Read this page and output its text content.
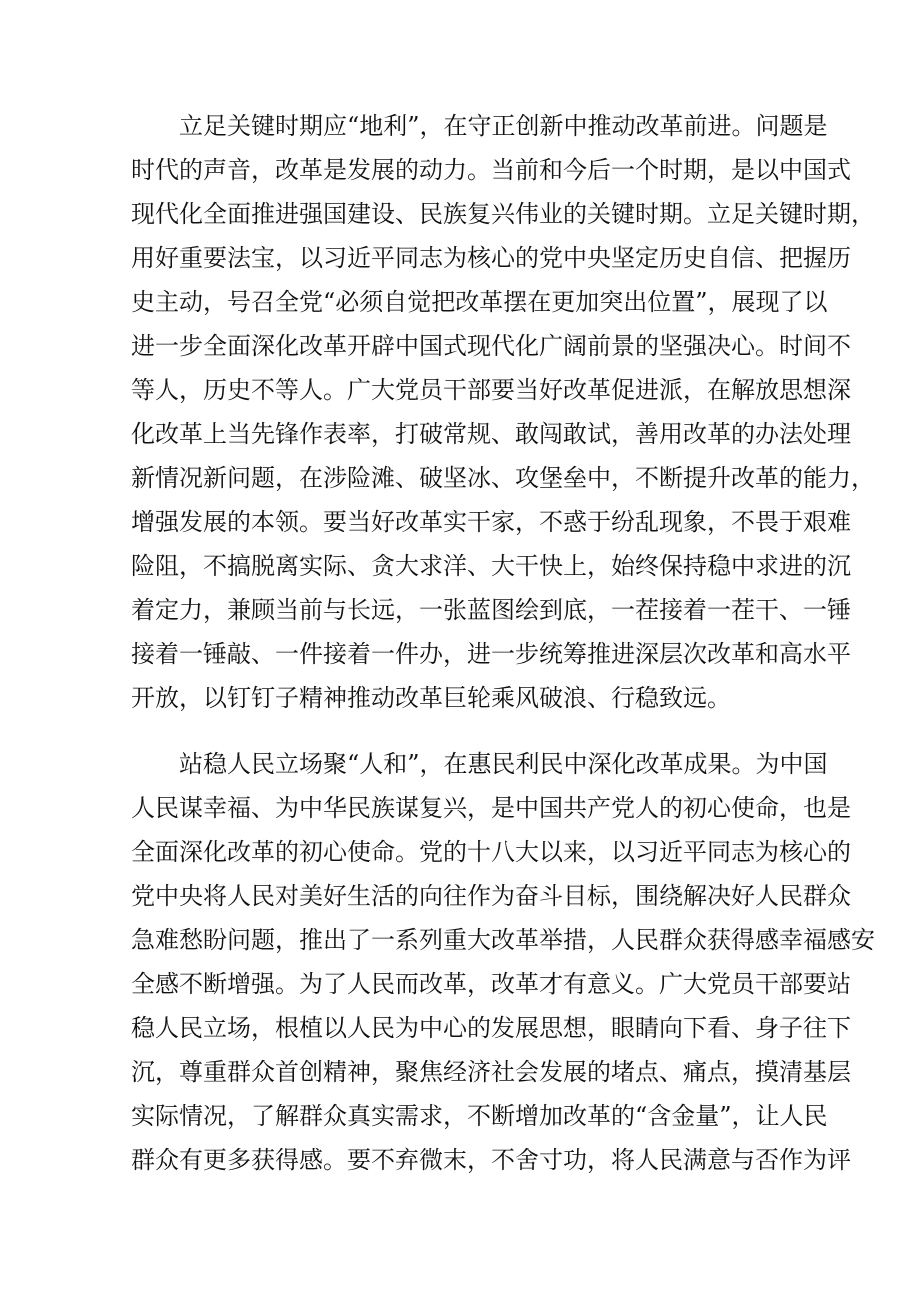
立足关键时期应“地利”，在守正创新中推动改革前进。问题是
时代的声音，改革是发展的动力。当前和今后一个时期，是以中国式
现代化全面推进强国建设、民族复兴伟业的关键时期。立足关键时期，
用好重要法宝，以习近平同志为核心的党中央坚定历史自信、把握历
史主动，号召全党“必须自觉把改革摆在更加突出位置”，展现了以
进一步全面深化改革开辟中国式现代化广阔前景的坚强决心。时间不
等人，历史不等人。广大党员干部要当好改革促进派，在解放思想深
化改革上当先锋作表率，打破常规、敢闯敢试，善用改革的办法处理
新情况新问题，在涉险滩、破坚冰、攻堡垒中，不断提升改革的能力，
增强发展的本领。要当好改革实干家，不惑于纷乱现象，不畏于艰难
险阻，不搞脱离实际、贪大求洋、大干快上，始终保持稳中求进的沉
着定力，兼顾当前与长远，一张蓝图绘到底，一茬接着一茬干、一锤
接着一锤敲、一件接着一件办，进一步统筹推进深层次改革和高水平
开放，以钉钉子精神推动改革巨轮乘风破浪、行稳致远。
站稳人民立场聚“人和”，在惠民利民中深化改革成果。为中国
人民谋幸福、为中华民族谋复兴，是中国共产党人的初心使命，也是
全面深化改革的初心使命。党的十八大以来，以习近平同志为核心的
党中央将人民对美好生活的向往作为奋斗目标，围绕解决好人民群众
急难愁盼问题，推出了一系列重大改革举措，人民群众获得感幸福感安
全感不断增强。为了人民而改革，改革才有意义。广大党员干部要站
稳人民立场，根植以人民为中心的发展思想，眼睛向下看、身子往下
沉，尊重群众首创精神，聚焦经济社会发展的堵点、痛点，摸清基层
实际情况，了解群众真实需求，不断增加改革的“含金量”，让人民
群众有更多获得感。要不弃微末，不舍寸功，将人民满意与否作为评
